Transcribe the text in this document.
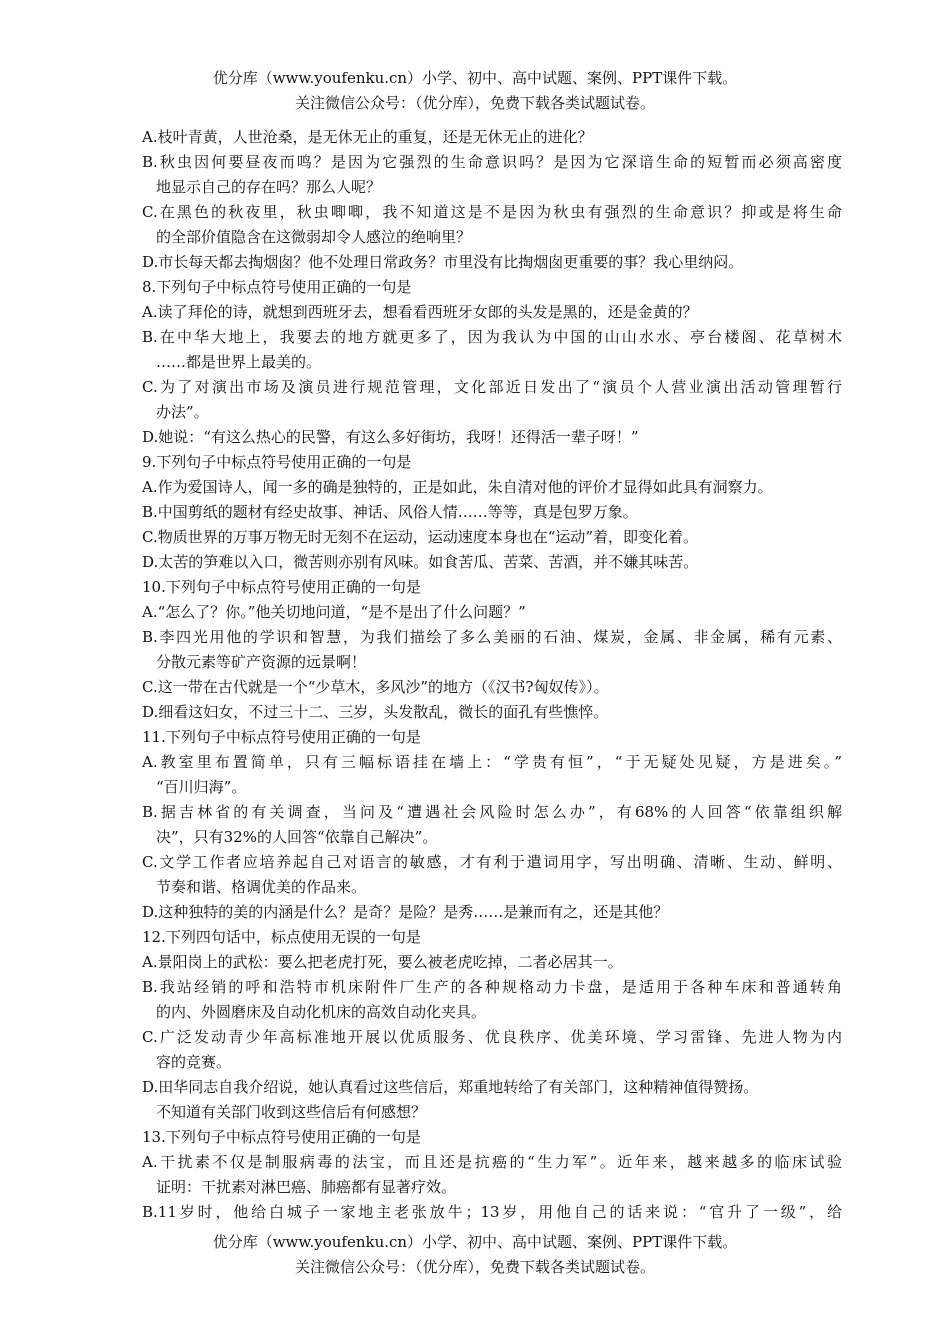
优分库（www.youfenku.cn）小学、初中、高中试题、案例、PPT课件下载。
关注微信公众号：（优分库），免费下载各类试题试卷。
A.枝叶青黄，人世沧桑，是无休无止的重复，还是无休无止的进化？
B.秋虫因何要昼夜而鸣？是因为它强烈的生命意识吗？是因为它深谙生命的短暂而必须高密度
地显示自己的存在吗？那么人呢？
C.在黑色的秋夜里，秋虫唧唧，我不知道这是不是因为秋虫有强烈的生命意识？抑或是将生命
的全部价值隐含在这微弱却令人感泣的绝响里？
D.市长每天都去掏烟囱？他不处理日常政务？市里没有比掏烟囱更重要的事？我心里纳闷。
8.下列句子中标点符号使用正确的一句是
A.读了拜伦的诗，就想到西班牙去，想看看西班牙女郎的头发是黑的，还是金黄的？
B.在中华大地上，我要去的地方就更多了，因为我认为中国的山山水水、亭台楼阁、花草树木
……都是世界上最美的。
C.为了对演出市场及演员进行规范管理，文化部近日发出了“演员个人营业演出活动管理暂行
办法”。
D.她说：“有这么热心的民警，有这么多好街坊，我呀！还得活一辈子呀！”
9.下列句子中标点符号使用正确的一句是
A.作为爱国诗人，闻一多的确是独特的，正是如此，朱自清对他的评价才显得如此具有洞察力。
B.中国剪纸的题材有经史故事、神话、风俗人情……等等，真是包罗万象。
C.物质世界的万事万物无时无刻不在运动，运动速度本身也在“运动”着，即变化着。
D.太苦的笋难以入口，微苦则亦别有风味。如食苦瓜、苦菜、苦酒，并不嫌其味苦。
10.下列句子中标点符号使用正确的一句是
A.“怎么了？你。”他关切地问道，“是不是出了什么问题？”
B.李四光用他的学识和智慧，为我们描绘了多么美丽的石油、煤炭，金属、非金属，稀有元素、
分散元素等矿产资源的远景啊！
C.这一带在古代就是一个“少草木，多风沙”的地方（《汉书?匈奴传》）。
D.细看这妇女，不过三十二、三岁，头发散乱，微长的面孔有些憔悴。
11.下列句子中标点符号使用正确的一句是
A.教室里布置简单，只有三幅标语挂在墙上：“学贵有恒”，“于无疑处见疑，方是进矣。”
“百川归海”。
B.据吉林省的有关调查，当问及“遭遇社会风险时怎么办”，有68%的人回答“依靠组织解
决”，只有32%的人回答“依靠自己解决”。
C.文学工作者应培养起自己对语言的敏感，才有利于遣词用字，写出明确、清晰、生动、鲜明、
节奏和谐、格调优美的作品来。
D.这种独特的美的内涵是什么？是奇？是险？是秀……是兼而有之，还是其他？
12.下列四句话中，标点使用无误的一句是
A.景阳岗上的武松：要么把老虎打死，要么被老虎吃掉，二者必居其一。
B.我站经销的呼和浩特市机床附件厂生产的各种规格动力卡盘，是适用于各种车床和普通转角
的内、外圆磨床及自动化机床的高效自动化夹具。
C.广泛发动青少年高标准地开展以优质服务、优良秩序、优美环境、学习雷锋、先进人物为内
容的竞赛。
D.田华同志自我介绍说，她认真看过这些信后，郑重地转给了有关部门，这种精神值得赞扬。
不知道有关部门收到这些信后有何感想？
13.下列句子中标点符号使用正确的一句是
A.干扰素不仅是制服病毒的法宝，而且还是抗癌的“生力军”。近年来，越来越多的临床试验
证明：干扰素对淋巴癌、肺癌都有显著疗效。
B.11岁时，他给白城子一家地主老张放牛；13岁，用他自己的话来说：“官升了一级”，给
优分库（www.youfenku.cn）小学、初中、高中试题、案例、PPT课件下载。
关注微信公众号：（优分库），免费下载各类试题试卷。
